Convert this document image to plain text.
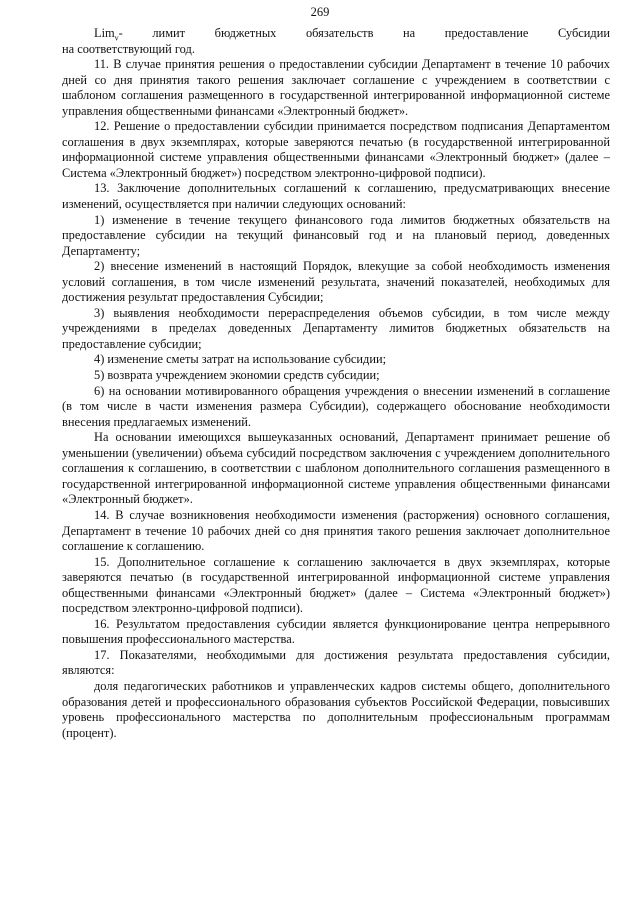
269

Lim$_v$- лимит бюджетных обязательств на предоставление Субсидии

на соответствующий год.

11. В случае принятия решения о предоставлении субсидии Департамент в течение 10 рабочих дней со дня принятия такого решения заключает соглашение с учреждением в соответствии с шаблоном соглашения размещенного в государственной интегрированной информационной системе управления общественными финансами «Электронный бюджет».

12. Решение о предоставлении субсидии принимается посредством подписания Департаментом соглашения в двух экземплярах, которые заверяются печатью (в государственной интегрированной информационной системе управления общественными финансами «Электронный бюджет» (далее – Система «Электронный бюджет») посредством электронно-цифровой подписи).

13. Заключение дополнительных соглашений к соглашению, предусматривающих внесение изменений, осуществляется при наличии следующих оснований:

1) изменение в течение текущего финансового года лимитов бюджетных обязательств на предоставление субсидии на текущий финансовый год и на плановый период, доведенных Департаменту;

2) внесение изменений в настоящий Порядок, влекущие за собой необходимость изменения условий соглашения, в том числе изменений результата, значений показателей, необходимых для достижения результат предоставления Субсидии;

3) выявления необходимости перераспределения объемов субсидии, в том числе между учреждениями в пределах доведенных Департаменту лимитов бюджетных обязательств на предоставление субсидии;

4) изменение сметы затрат на использование субсидии;

5) возврата учреждением экономии средств субсидии;

6) на основании мотивированного обращения учреждения о внесении изменений в соглашение (в том числе в части изменения размера Субсидии), содержащего обоснование необходимости внесения предлагаемых изменений.

На основании имеющихся вышеуказанных оснований, Департамент принимает решение об уменьшении (увеличении) объема субсидий посредством заключения с учреждением дополнительного соглашения к соглашению, в соответствии с шаблоном дополнительного соглашения размещенного в государственной интегрированной информационной системе управления общественными финансами «Электронный бюджет».

14. В случае возникновения необходимости изменения (расторжения) основного соглашения, Департамент в течение 10 рабочих дней со дня принятия такого решения заключает дополнительное соглашение к соглашению.

15. Дополнительное соглашение к соглашению заключается в двух экземплярах, которые заверяются печатью (в государственной интегрированной информационной системе управления общественными финансами «Электронный бюджет» (далее – Система «Электронный бюджет») посредством электронно-цифровой подписи).

16. Результатом предоставления субсидии является функционирование центра непрерывного повышения профессионального мастерства.

17. Показателями, необходимыми для достижения результата предоставления субсидии, являются:

доля педагогических работников и управленческих кадров системы общего, дополнительного образования детей и профессионального образования субъектов Российской Федерации, повысивших уровень профессионального мастерства по дополнительным профессиональным программам (процент).
